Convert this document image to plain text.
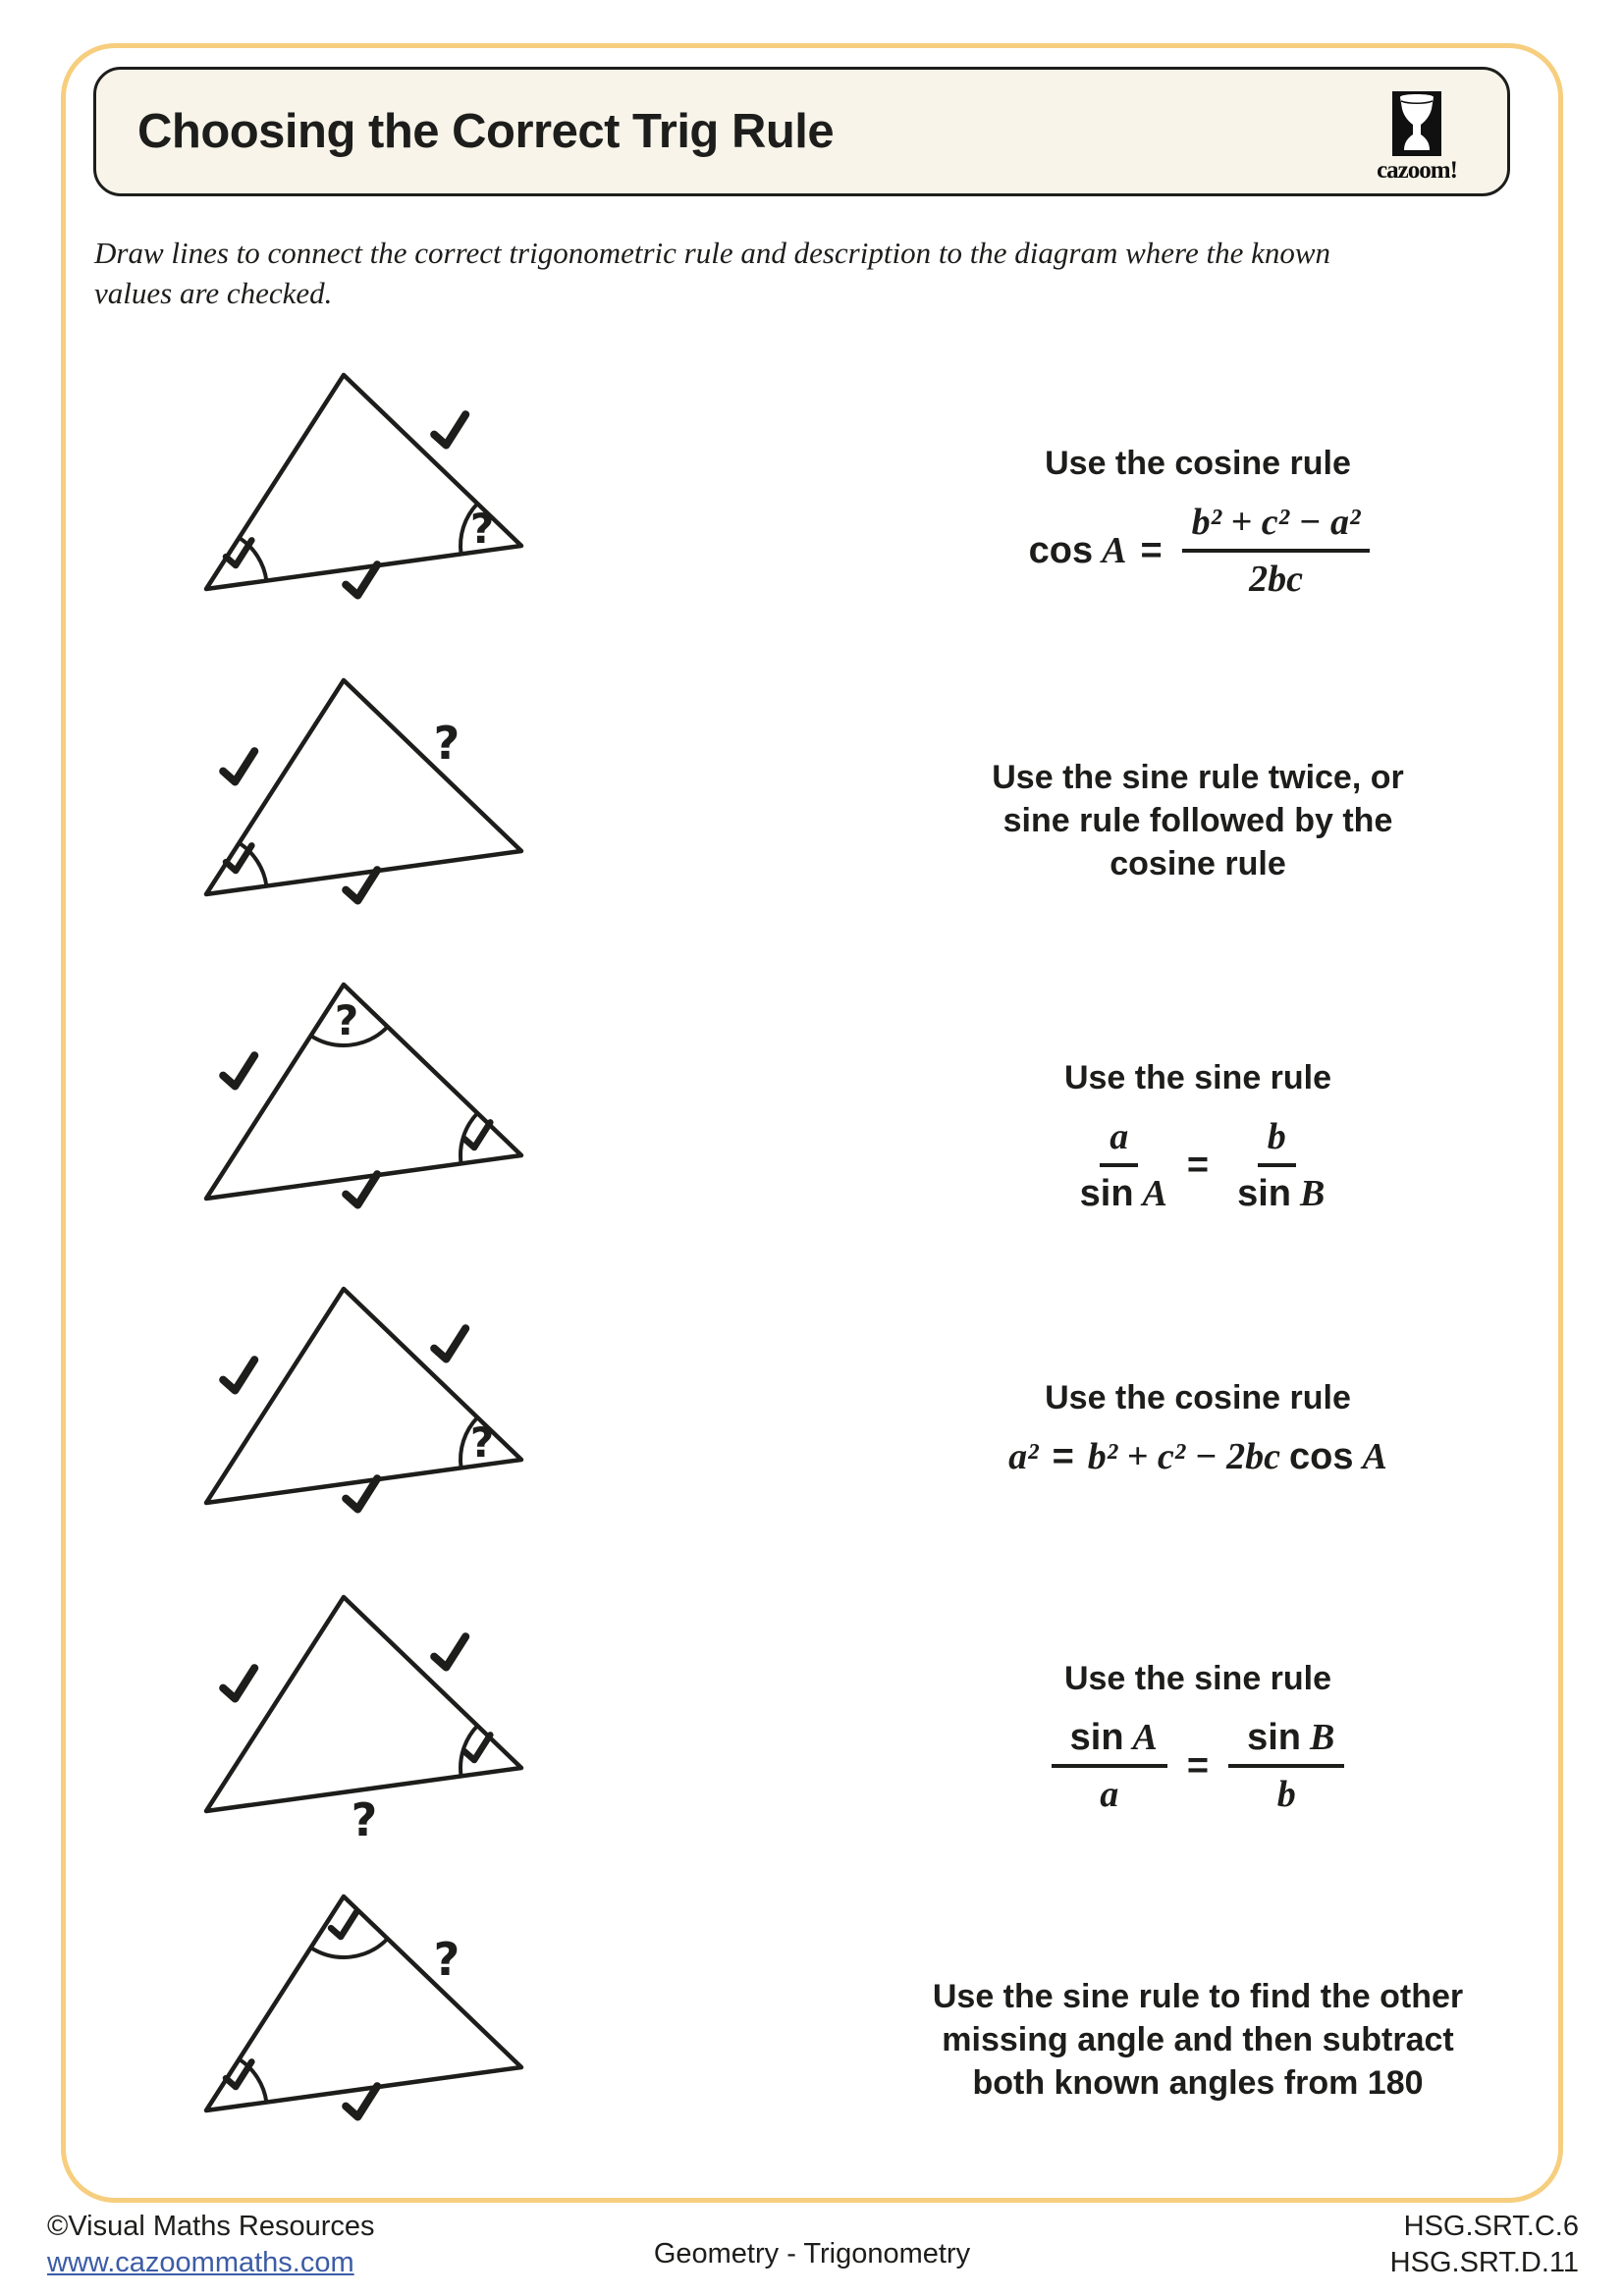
Choosing the Correct Trig Rule
cazoom!

Draw lines to connect the correct trigonometric rule and description to the diagram where the known
values are checked.

?
Use the cosine rule
$\cos A = \frac{\text{b² + c² − a²}}{2bc}$
?
Use the sine rule twice, or
sine rule followed by the
cosine rule
?
Use the sine rule
$\frac{a}{\text{sin A}} = \frac{b}{\text{sin B}}$
?
Use the cosine rule
a² = b² + c² − 2bc cos A
?
Use the sine rule
$\frac{\text{sin A}}{a} = \frac{\text{sin B}}{b}$
?
Use the sine rule to find the other
missing angle and then subtract
both known angles from 180
©Visual Maths Resources
www.cazoommaths.com	Geometry - Trigonometry
HSG.SRT.C.6
HSG.SRT.D.11
